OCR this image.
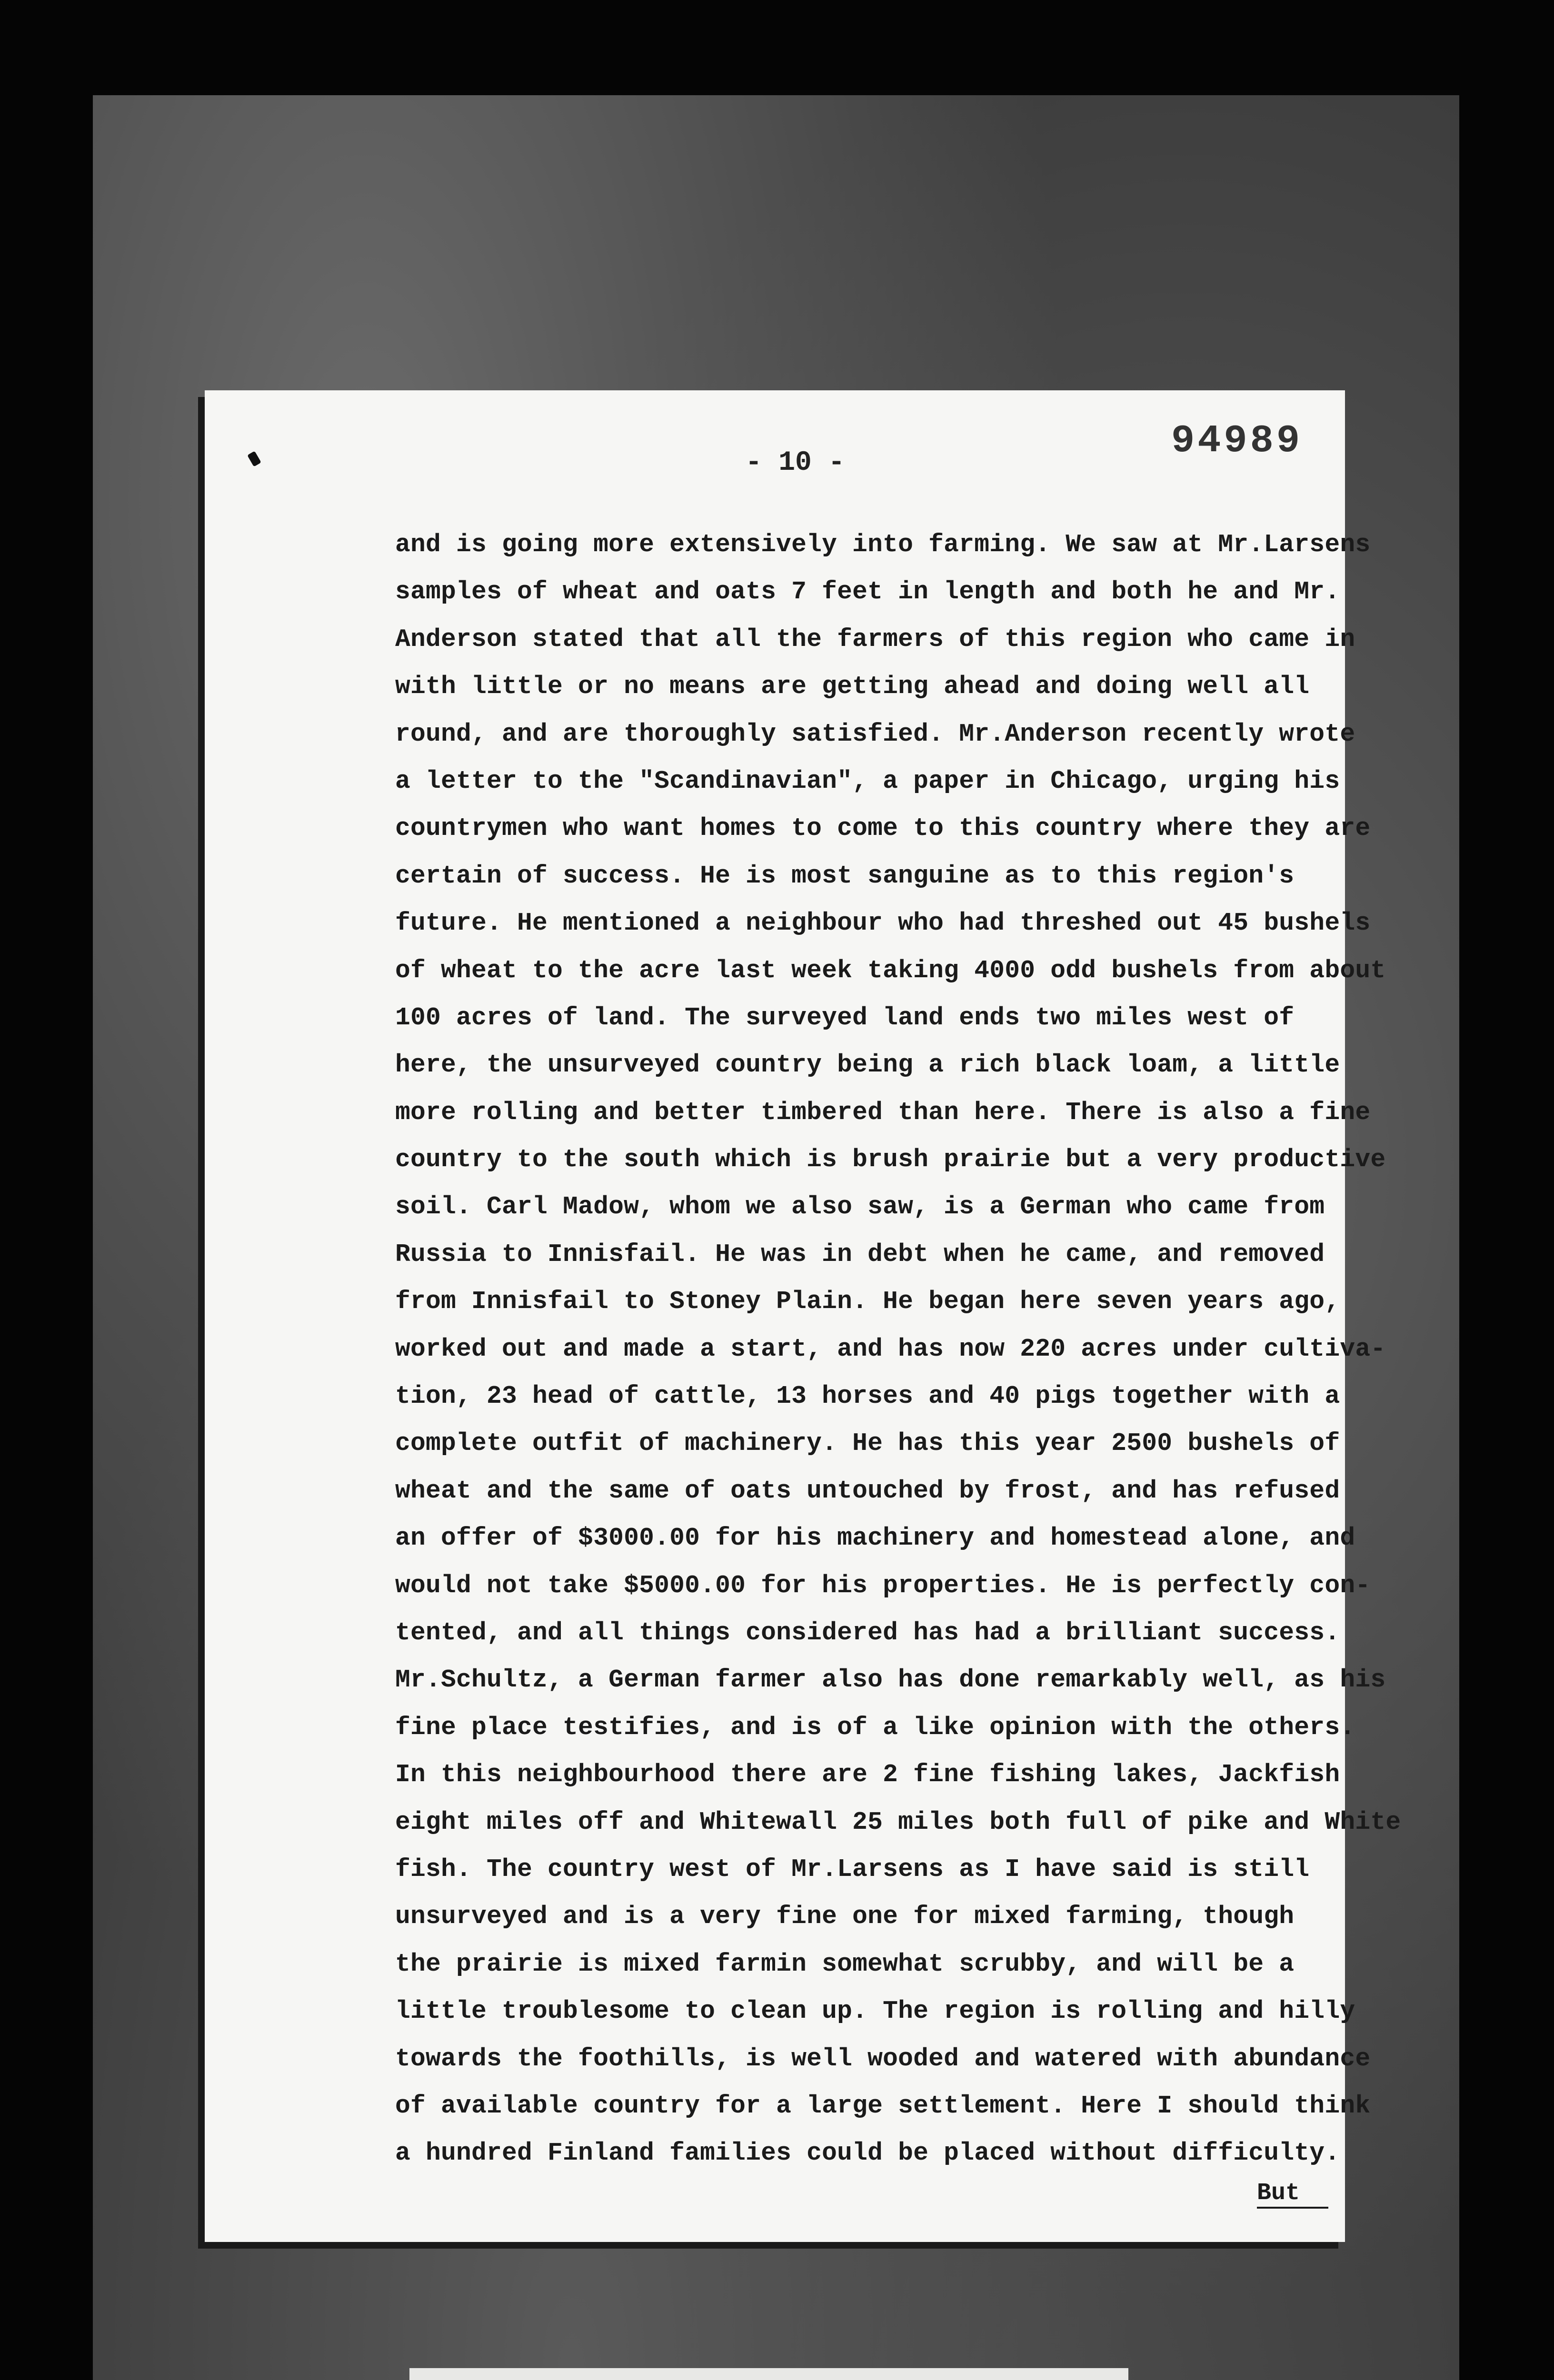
- 10 -	94989
and is going more extensively into farming. We saw at Mr.Larsens
samples of wheat and oats 7 feet in length and both he and Mr.
Anderson stated that all the farmers of this region who came in
with little or no means are getting ahead and doing well all
round, and are thoroughly satisfied. Mr.Anderson recently wrote
a letter to the "Scandinavian", a paper in Chicago, urging his
countrymen who want homes to come to this country where they are
certain of success. He is most sanguine as to this region's
future. He mentioned a neighbour who had threshed out 45 bushels
of wheat to the acre last week taking 4000 odd bushels from about
100 acres of land. The surveyed land ends two miles west of
here, the unsurveyed country being a rich black loam, a little
more rolling and better timbered than here. There is also a fine
country to the south which is brush prairie but a very productive
soil. Carl Madow, whom we also saw, is a German who came from
Russia to Innisfail. He was in debt when he came, and removed
from Innisfail to Stoney Plain. He began here seven years ago,
worked out and made a start, and has now 220 acres under cultiva-
tion, 23 head of cattle, 13 horses and 40 pigs together with a
complete outfit of machinery. He has this year 2500 bushels of
wheat and the same of oats untouched by frost, and has refused
an offer of $3000.00 for his machinery and homestead alone, and
would not take $5000.00 for his properties. He is perfectly con-
tented, and all things considered has had a brilliant success.
Mr.Schultz, a German farmer also has done remarkably well, as his
fine place testifies, and is of a like opinion with the others.
In this neighbourhood there are 2 fine fishing lakes, Jackfish
eight miles off and Whitewall 25 miles both full of pike and White
fish. The country west of Mr.Larsens as I have said is still
unsurveyed and is a very fine one for mixed farming, though
the prairie is mixed farmin somewhat scrubby, and will be a
little troublesome to clean up. The region is rolling and hilly
towards the foothills, is well wooded and watered with abundance
of available country for a large settlement. Here I should think
a hundred Finland families could be placed without difficulty.
But
